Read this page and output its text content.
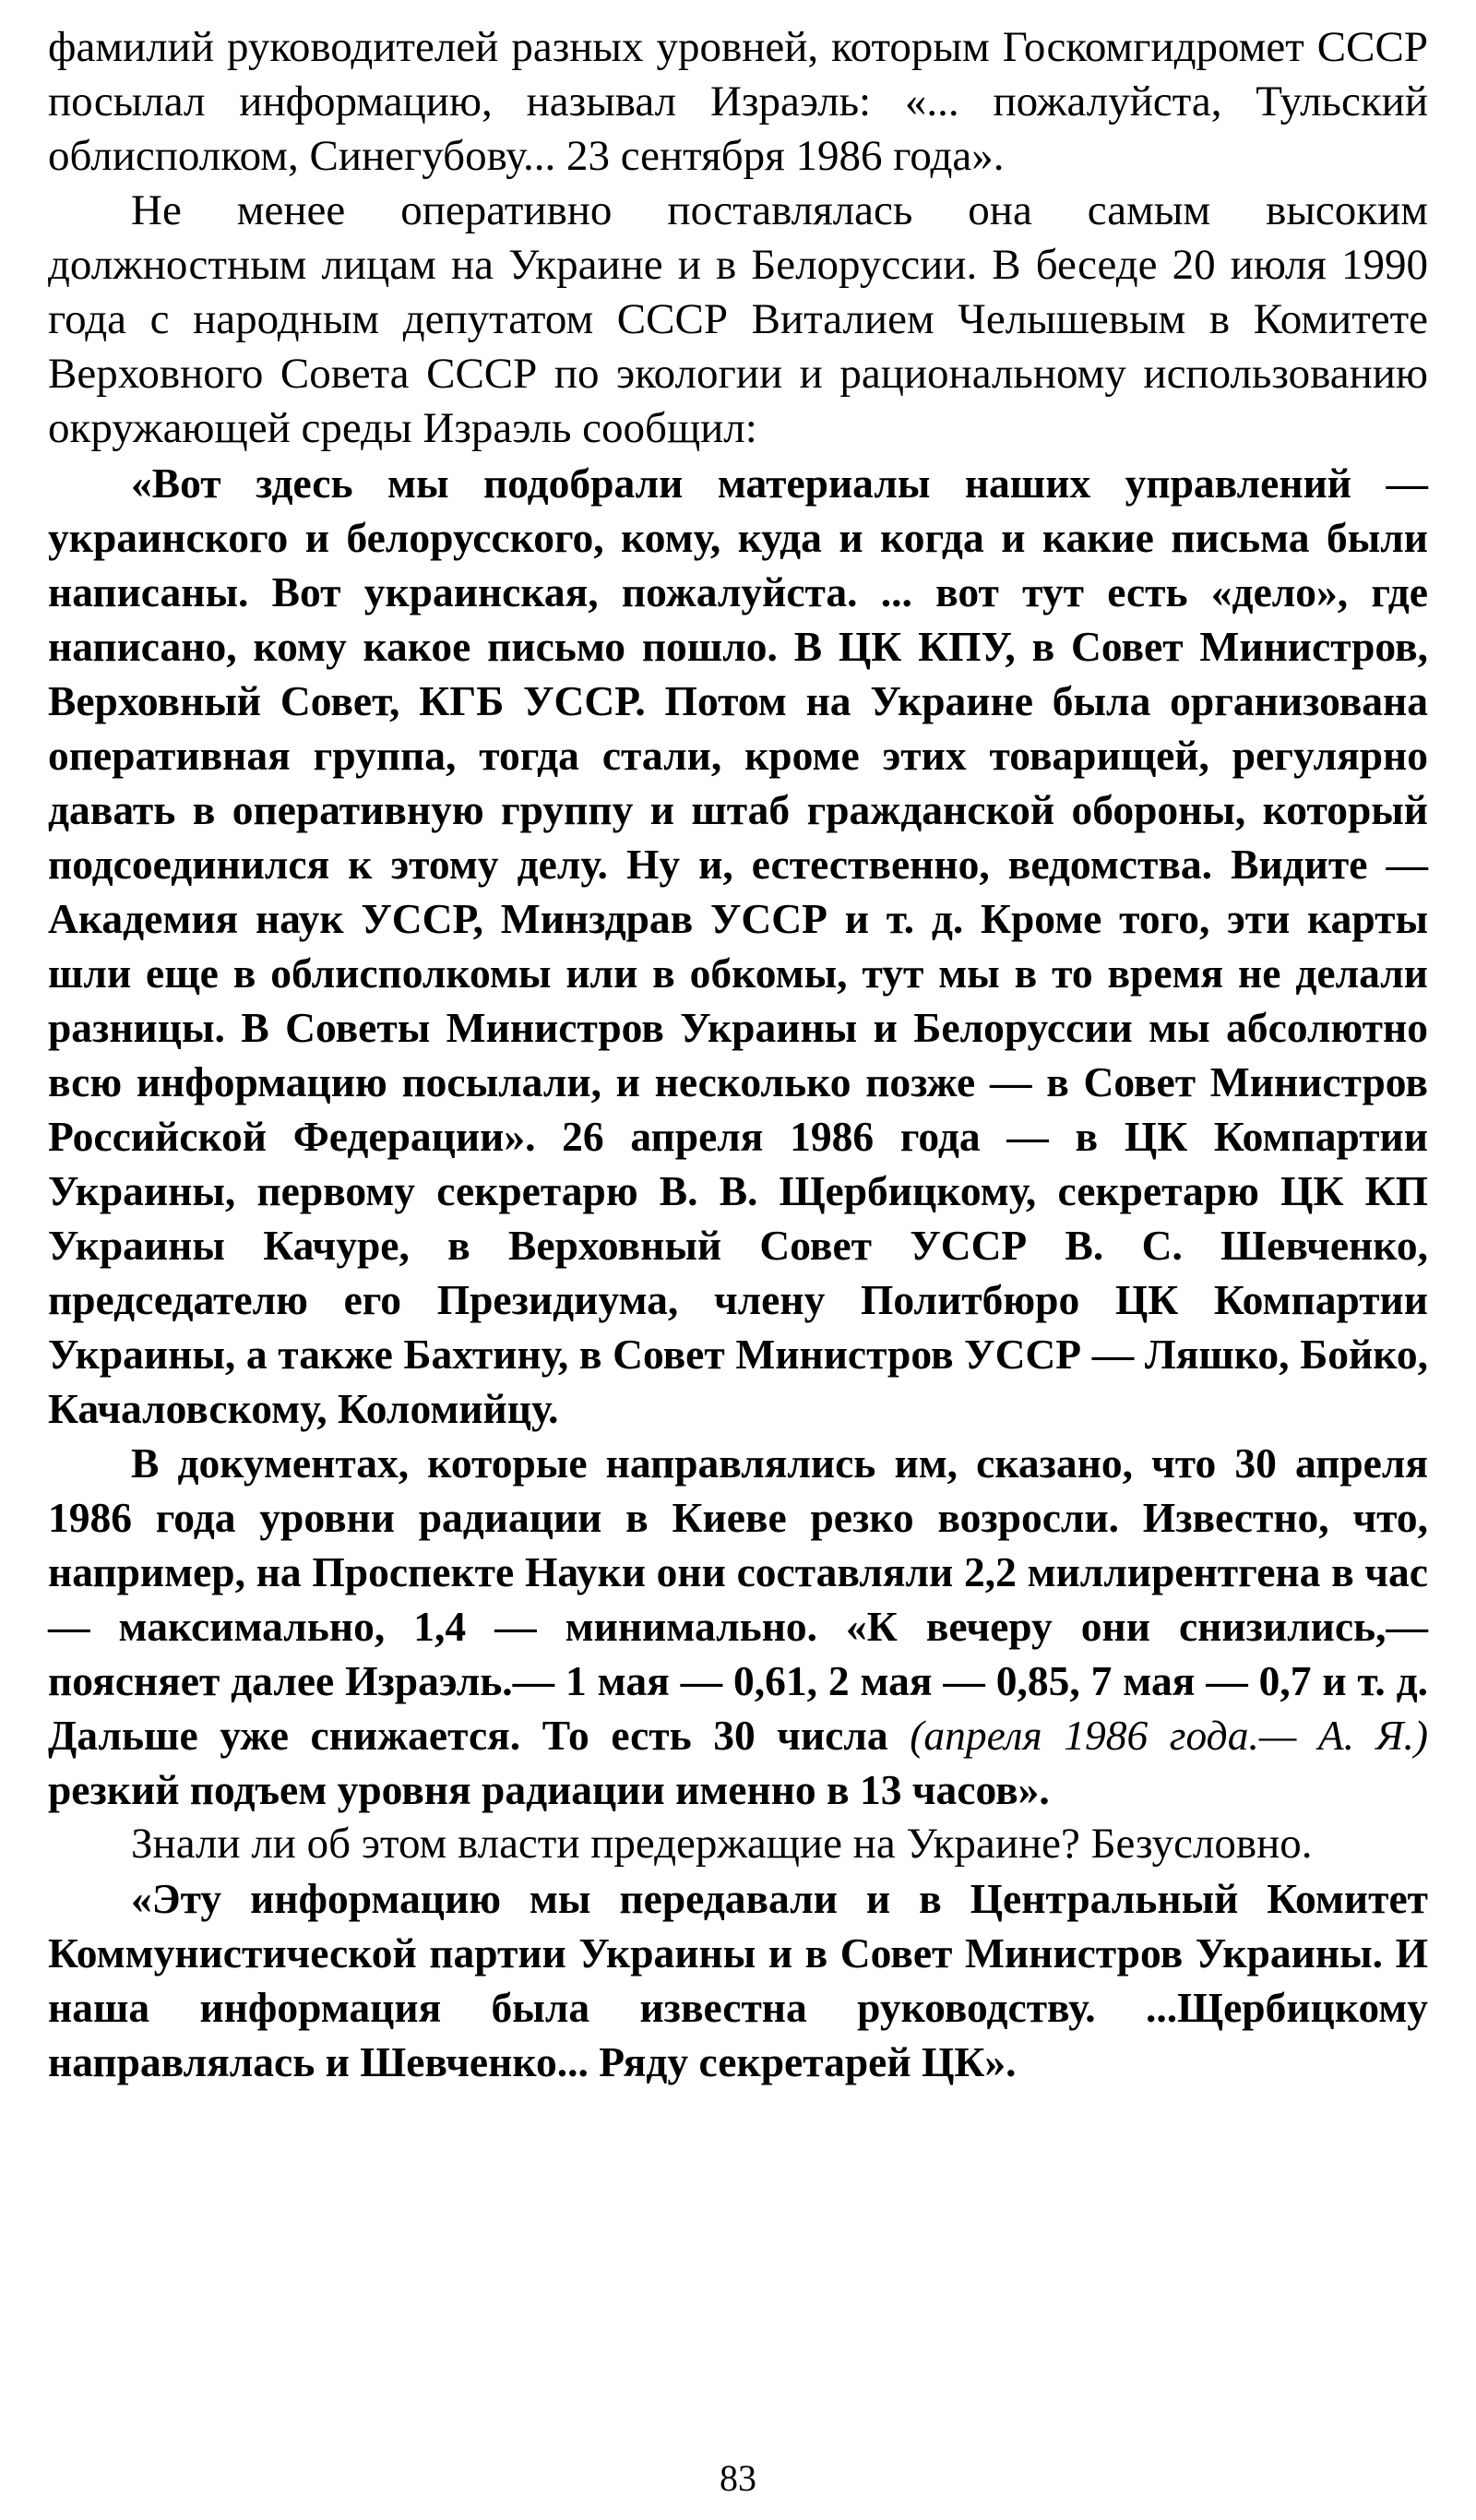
фамилий руководителей разных уровней, которым Госкомгидромет СССР посылал информацию, называл Израэль: «... пожалуйста, Тульский облисполком, Синегубову... 23 сентября 1986 года».

Не менее оперативно поставлялась она самым высоким должностным лицам на Украине и в Белоруссии. В беседе 20 июля 1990 года с народным депутатом СССР Виталием Челышевым в Комитете Верховного Совета СССР по экологии и рациональному использованию окружающей среды Израэль сообщил:

«Вот здесь мы подобрали материалы наших управлений — украинского и белорусского, кому, куда и когда и какие письма были написаны. Вот украинская, пожалуйста. ... вот тут есть «дело», где написано, кому какое письмо пошло. В ЦК КПУ, в Совет Министров, Верховный Совет, КГБ УССР. Потом на Украине была организована оперативная группа, тогда стали, кроме этих товарищей, регулярно давать в оперативную группу и штаб гражданской обороны, который подсоединился к этому делу. Ну и, естественно, ведомства. Видите — Академия наук УССР, Минздрав УССР и т. д. Кроме того, эти карты шли еще в облисполкомы или в обкомы, тут мы в то время не делали разницы. В Советы Министров Украины и Белоруссии мы абсолютно всю информацию посылали, и несколько позже — в Совет Министров Российской Федерации». 26 апреля 1986 года — в ЦК Компартии Украины, первому секретарю В. В. Щербицкому, секретарю ЦК КП Украины Качуре, в Верховный Совет УССР В. С. Шевченко, председателю его Президиума, члену Политбюро ЦК Компартии Украины, а также Бахтину, в Совет Министров УССР — Ляшко, Бойко, Качаловскому, Коломийцу.

В документах, которые направлялись им, сказано, что 30 апреля 1986 года уровни радиации в Киеве резко возросли. Известно, что, например, на Проспекте Науки они составляли 2,2 миллирентгена в час — максимально, 1,4 — минимально. «К вечеру они снизились,— поясняет далее Израэль.— 1 мая — 0,61, 2 мая — 0,85, 7 мая — 0,7 и т. д. Дальше уже снижается. То есть 30 числа (апреля 1986 года.— А. Я.) резкий подъем уровня радиации именно в 13 часов».

Знали ли об этом власти предержащие на Украине? Безусловно.

«Эту информацию мы передавали и в Центральный Комитет Коммунистической партии Украины и в Совет Министров Украины. И наша информация была известна руководству. ...Щербицкому направлялась и Шевченко... Ряду секретарей ЦК».

83
